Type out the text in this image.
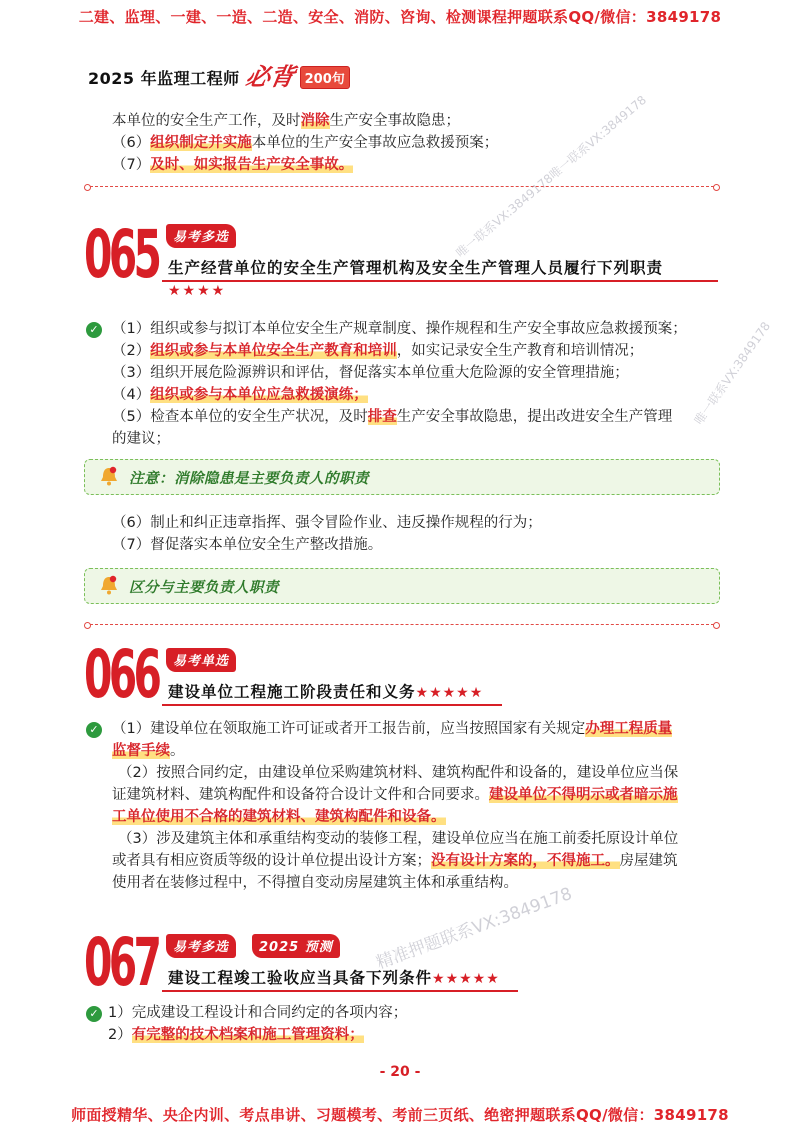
二建、监理、一建、一造、二造、安全、消防、咨询、检测课程押题联系QQ/微信：3849178
2025 年监理工程师 必背 200句

本单位的安全生产工作，及时消除生产安全事故隐患；

（6）组织制定并实施本单位的生产安全事故应急救援预案；

（7）及时、如实报告生产安全事故。

065	易考多选
生产经营单位的安全生产管理机构及安全生产管理人员履行下列职责
★★★★
✓ （1）组织或参与拟订本单位安全生产规章制度、操作规程和生产安全事故应急救援预案；

（2）组织或参与本单位安全生产教育和培训，如实记录安全生产教育和培训情况；

（3）组织开展危险源辨识和评估，督促落实本单位重大危险源的安全管理措施；

（4）组织或参与本单位应急救援演练；

（5）检查本单位的安全生产状况，及时排查生产安全事故隐患，提出改进安全生产管理

的建议；
注意：消除隐患是主要负责人的职责

（6）制止和纠正违章指挥、强令冒险作业、违反操作规程的行为；

（7）督促落实本单位安全生产整改措施。

区分与主要负责人职责
066	易考单选
建设单位工程施工阶段责任和义务★★★★★
✓ （1）建设单位在领取施工许可证或者开工报告前，应当按照国家有关规定办理工程质量

监督手续。

（2）按照合同约定，由建设单位采购建筑材料、建筑构配件和设备的，建设单位应当保

证建筑材料、建筑构配件和设备符合设计文件和合同要求。建设单位不得明示或者暗示施

工单位使用不合格的建筑材料、建筑构配件和设备。

（3）涉及建筑主体和承重结构变动的装修工程，建设单位应当在施工前委托原设计单位

或者具有相应资质等级的设计单位提出设计方案；没有设计方案的，不得施工。房屋建筑

使用者在装修过程中，不得擅自变动房屋建筑主体和承重结构。
067	易考多选	2025 预测
建设工程竣工验收应当具备下列条件★★★★★
✓ 1）完成建设工程设计和合同约定的各项内容；

2）有完整的技术档案和施工管理资料；

- 20 -
师面授精华、央企内训、考点串讲、习题模考、考前三页纸、绝密押题联系QQ/微信：3849178
唯一联系VX:3849178唯一联系VX:3849178
唯一联系VX:3849178
精准押题联系VX:3849178
